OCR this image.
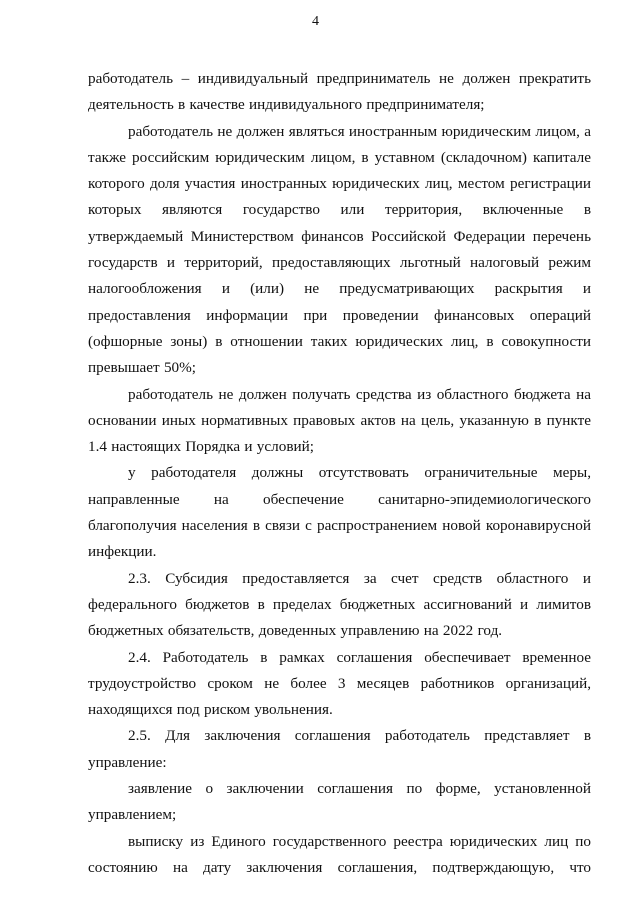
4

работодатель – индивидуальный предприниматель не должен прекратить деятельность в качестве индивидуального предпринимателя;

работодатель не должен являться иностранным юридическим лицом, а также российским юридическим лицом, в уставном (складочном) капитале которого доля участия иностранных юридических лиц, местом регистрации которых являются государство или территория, включенные в утверждаемый Министерством финансов Российской Федерации перечень государств и территорий, предоставляющих льготный налоговый режим налогообложения и (или) не предусматривающих раскрытия и предоставления информации при проведении финансовых операций (офшорные зоны) в отношении таких юридических лиц, в совокупности превышает 50%;

работодатель не должен получать средства из областного бюджета на основании иных нормативных правовых актов на цель, указанную в пункте 1.4 настоящих Порядка и условий;

у работодателя должны отсутствовать ограничительные меры, направленные на обеспечение санитарно-эпидемиологического благополучия населения в связи с распространением новой коронавирусной инфекции.

2.3. Субсидия предоставляется за счет средств областного и федерального бюджетов в пределах бюджетных ассигнований и лимитов бюджетных обязательств, доведенных управлению на 2022 год.

2.4. Работодатель в рамках соглашения обеспечивает временное трудоустройство сроком не более 3 месяцев работников организаций, находящихся под риском увольнения.

2.5. Для заключения соглашения работодатель представляет в управление:

заявление о заключении соглашения по форме, установленной управлением;

выписку из Единого государственного реестра юридических лиц по состоянию на дату заключения соглашения, подтверждающую, что
